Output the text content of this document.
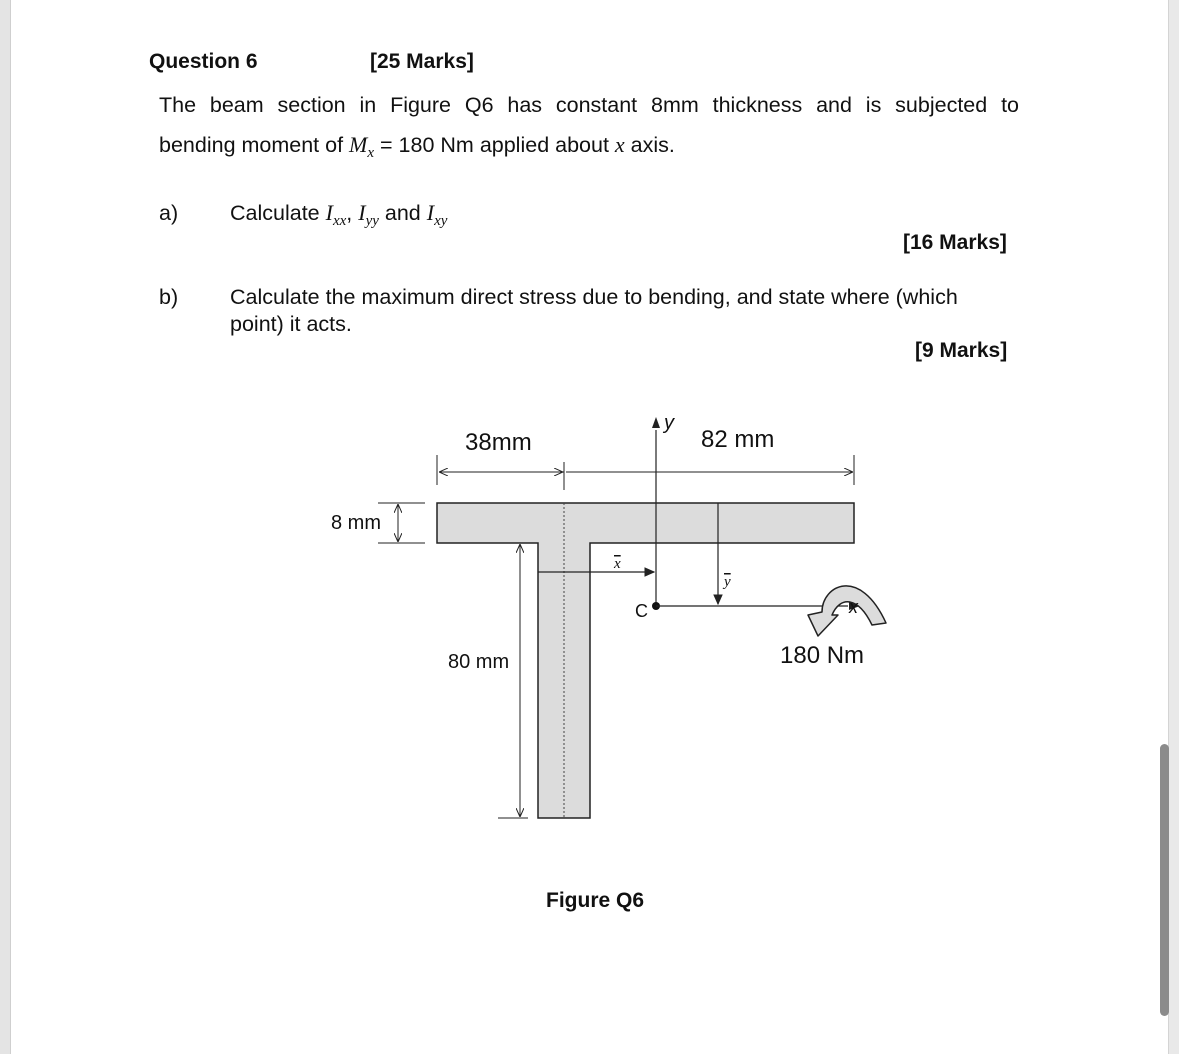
Question 6	[25 Marks]
The beam section in Figure Q6 has constant 8mm thickness and is subjected to
bending moment of $M_x = 180$ Nm applied about x axis.
a) Calculate $I_{xx}$, $I_{yy}$ and $I_{xy}$
[16 Marks]
b) Calculate the maximum direct stress due to bending, and state where (which
point) it acts.
[9 Marks]
38mm	82 mm
8 mm
80 mm
y
x
x
y
C
180 Nm
Figure Q6
